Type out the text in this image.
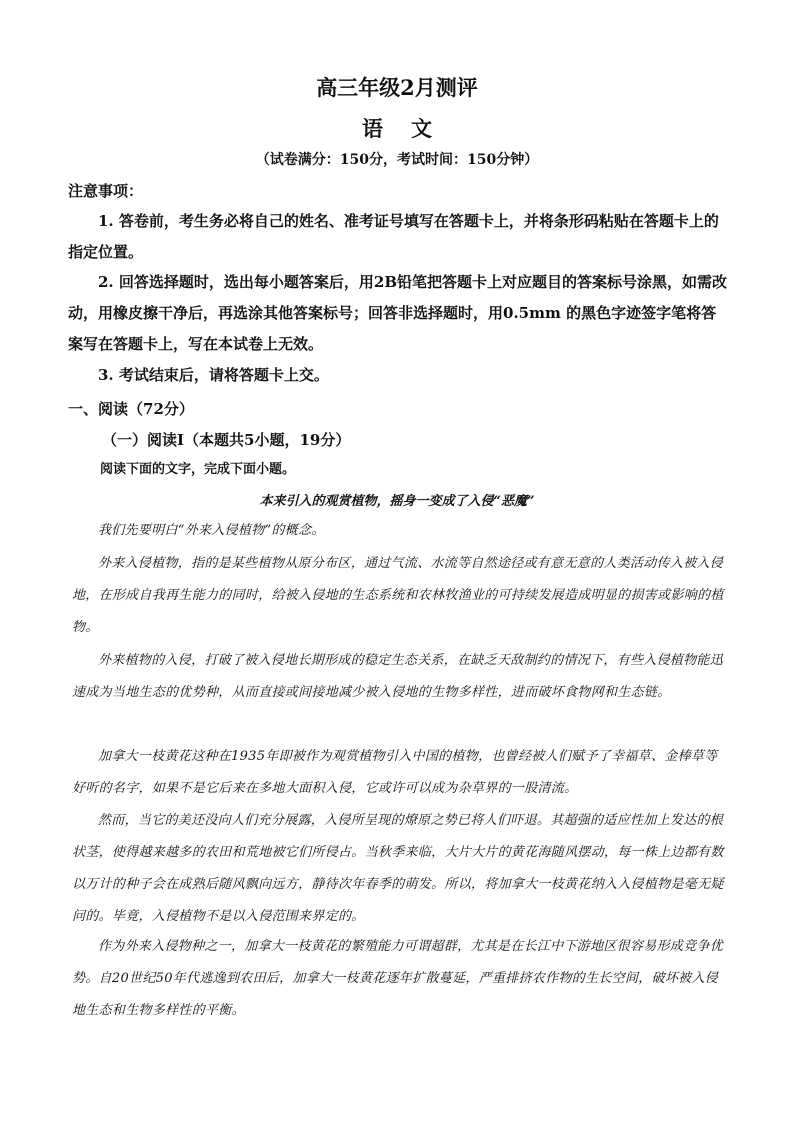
高三年级2月测评
语文
（试卷满分：150分，考试时间：150分钟）
注意事项：
1. 答卷前，考生务必将自己的姓名、准考证号填写在答题卡上，并将条形码粘贴在答题卡上的指定位置。
2. 回答选择题时，选出每小题答案后，用2B铅笔把答题卡上对应题目的答案标号涂黑，如需改动，用橡皮擦干净后，再选涂其他答案标号；回答非选择题时，用0.5mm 的黑色字迹签字笔将答案写在答题卡上，写在本试卷上无效。
3. 考试结束后，请将答题卡上交。
一、阅读（72分）
（一）阅读Ⅰ（本题共5小题，19分）
阅读下面的文字，完成下面小题。
本来引入的观赏植物，摇身一变成了入侵“恶魔”
我们先要明白“外来入侵植物”的概念。
外来入侵植物，指的是某些植物从原分布区，通过气流、水流等自然途径或有意无意的人类活动传入被入侵地，在形成自我再生能力的同时，给被入侵地的生态系统和农林牧渔业的可持续发展造成明显的损害或影响的植物。
外来植物的入侵，打破了被入侵地长期形成的稳定生态关系，在缺乏天敌制约的情况下，有些入侵植物能迅速成为当地生态的优势种，从而直接或间接地减少被入侵地的生物多样性，进而破坏食物网和生态链。
加拿大一枝黄花这种在1935年即被作为观赏植物引入中国的植物，也曾经被人们赋予了幸福草、金棒草等好听的名字，如果不是它后来在多地大面积入侵，它或许可以成为杂草界的一股清流。
然而，当它的美还没向人们充分展露，入侵所呈现的燎原之势已将人们吓退。其超强的适应性加上发达的根状茎，使得越来越多的农田和荒地被它们所侵占。当秋季来临，大片大片的黄花海随风摆动，每一株上边都有数以万计的种子会在成熟后随风飘向远方，静待次年春季的萌发。所以，将加拿大一枝黄花纳入入侵植物是毫无疑问的。毕竟，入侵植物不是以入侵范围来界定的。
作为外来入侵物种之一，加拿大一枝黄花的繁殖能力可谓超群，尤其是在长江中下游地区很容易形成竞争优势。自20世纪50年代逃逸到农田后，加拿大一枝黄花逐年扩散蔓延，严重排挤农作物的生长空间，破坏被入侵地生态和生物多样性的平衡。
